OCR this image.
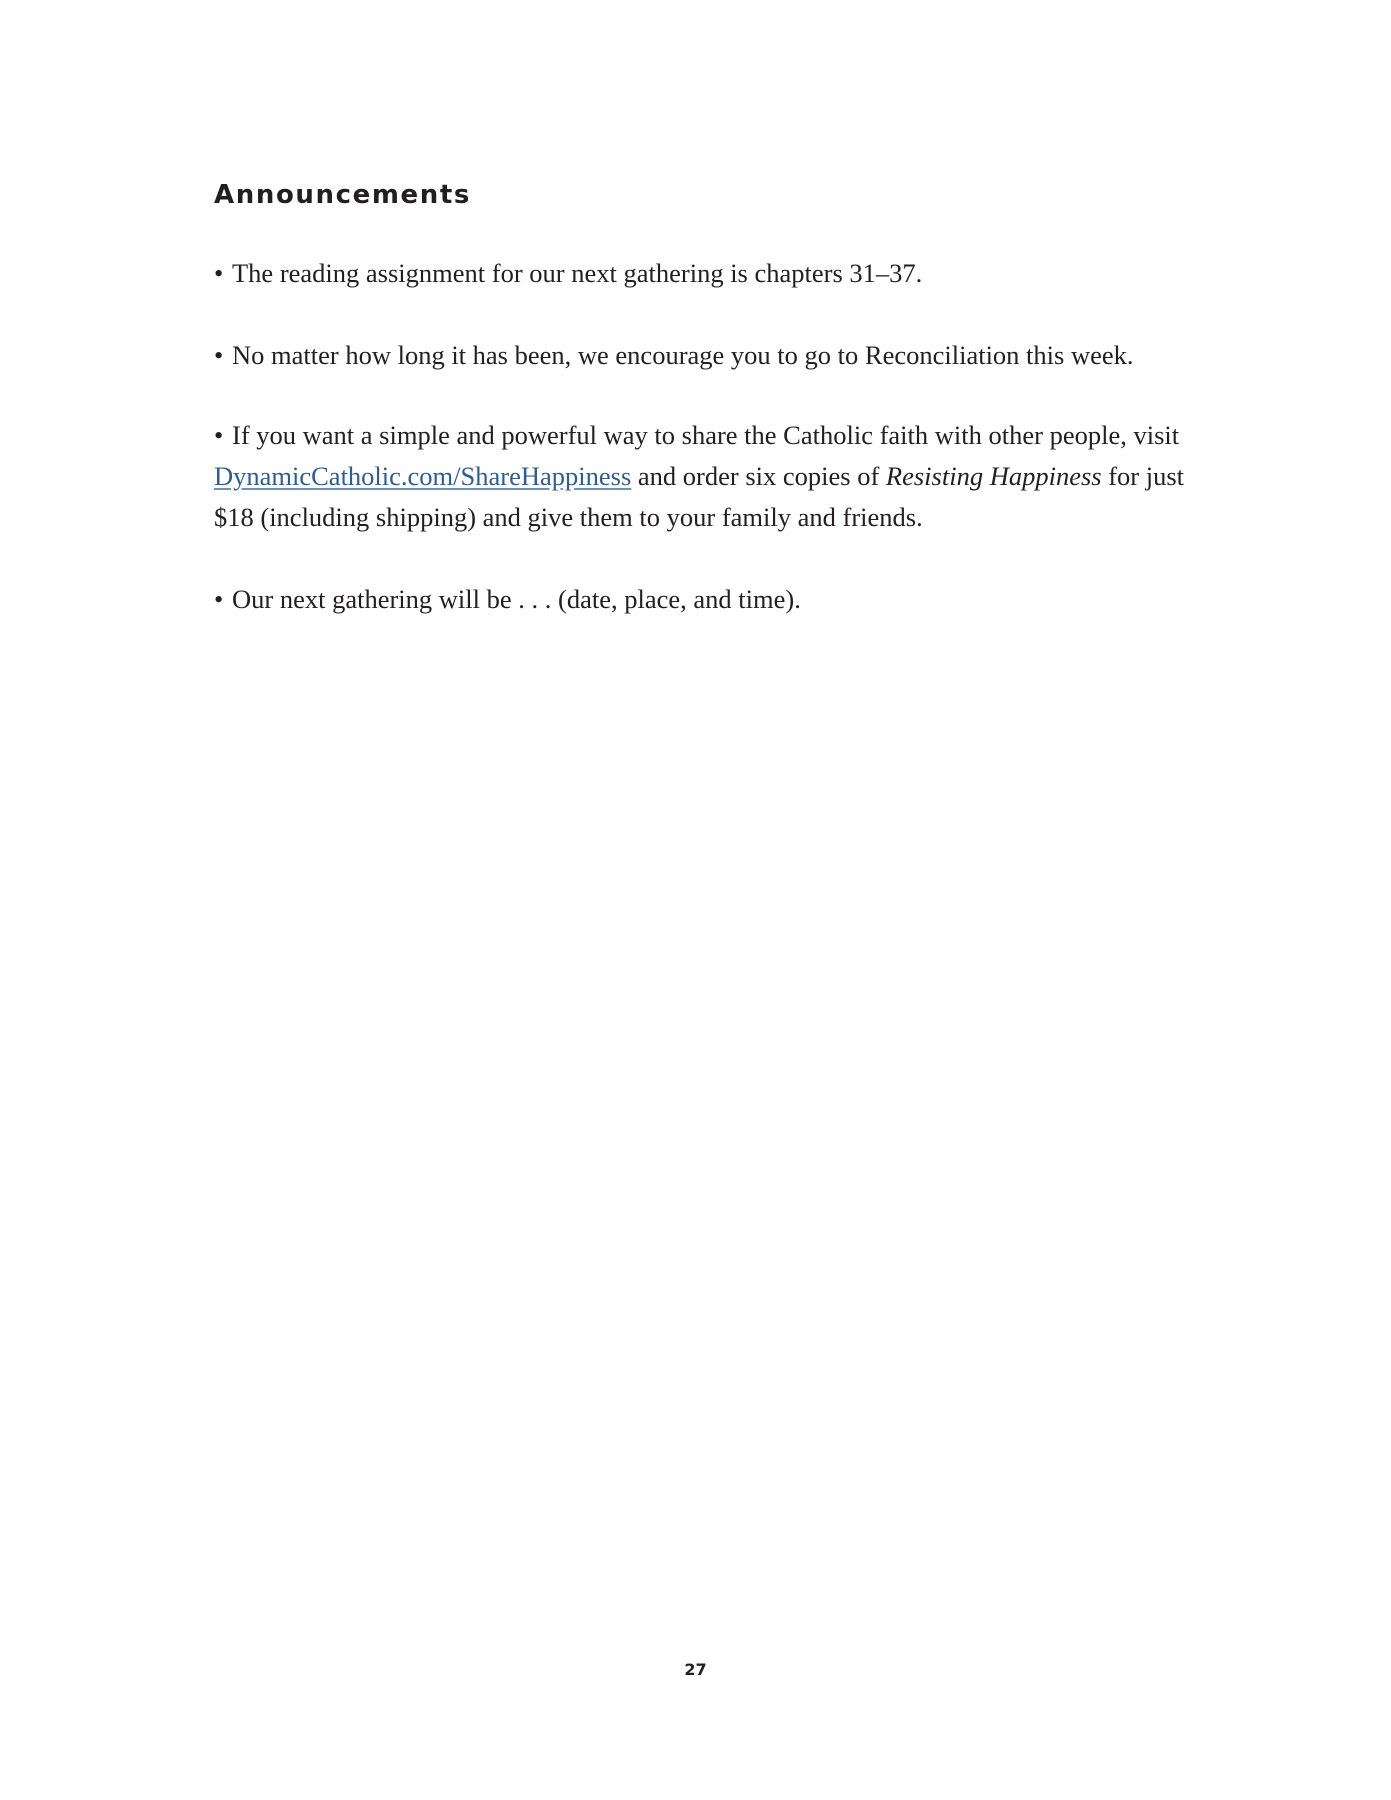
Announcements
• The reading assignment for our next gathering is chapters 31–37.
• No matter how long it has been, we encourage you to go to Reconciliation this week.
• If you want a simple and powerful way to share the Catholic faith with other people, visit
DynamicCatholic.com/ShareHappiness and order six copies of Resisting Happiness for just
$18 (including shipping) and give them to your family and friends.
• Our next gathering will be . . . (date, place, and time).
27
